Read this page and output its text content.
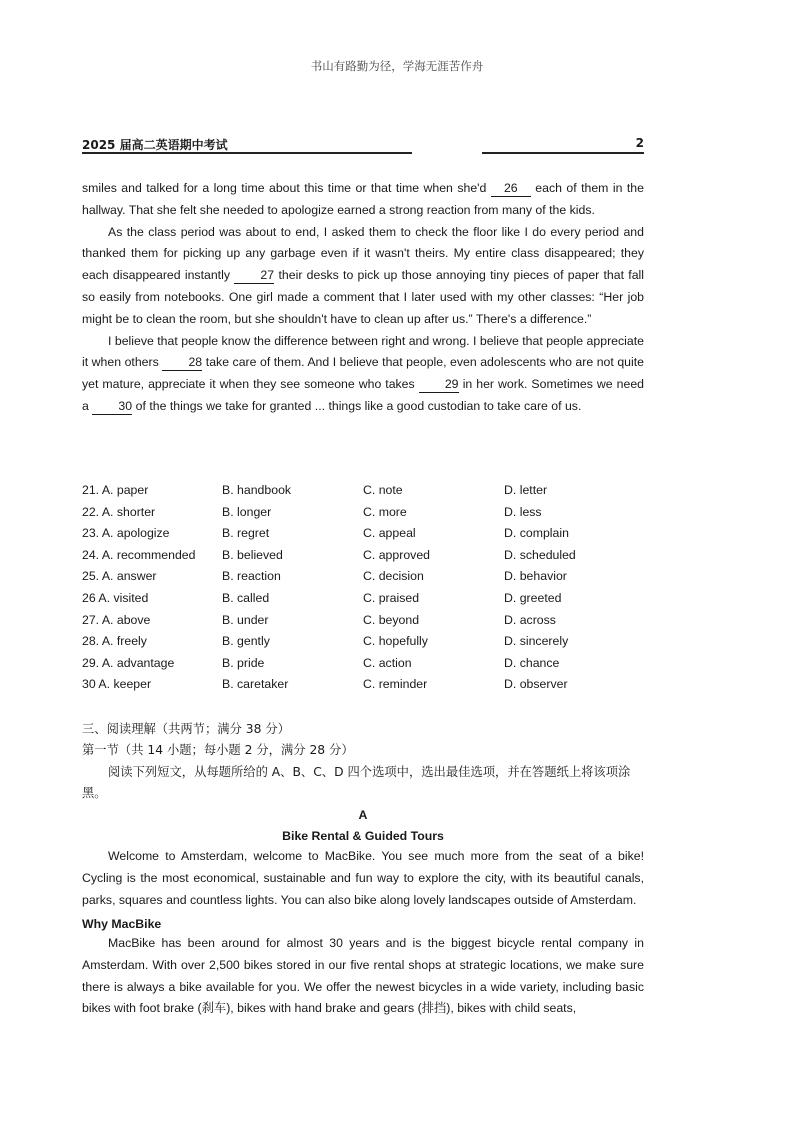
书山有路勤为径，学海无涯苦作舟
2025 届高二英语期中考试	2

smiles and talked for a long time about this time or that time when she'd 26 each of them in the hallway. That she felt she needed to apologize earned a strong reaction from many of the kids.

As the class period was about to end, I asked them to check the floor like I do every period and thanked them for picking up any garbage even if it wasn't theirs. My entire class disappeared; they each disappeared instantly 27 their desks to pick up those annoying tiny pieces of paper that fall so easily from notebooks. One girl made a comment that I later used with my other classes: “Her job might be to clean the room, but she shouldn't have to clean up after us.” There's a difference.”

I believe that people know the difference between right and wrong. I believe that people appreciate it when others 28 take care of them. And I believe that people, even adolescents who are not quite yet mature, appreciate it when they see someone who takes 29 in her work. Sometimes we need a 30 of the things we take for granted ... things like a good custodian to take care of us.

21. A. paper	B. handbook	C. note	D. letter
22. A. shorter	B. longer	C. more	D. less
23. A. apologize	B. regret	C. appeal	D. complain
24. A. recommended B. believed	C. approved	D. scheduled
25. A. answer	B. reaction	C. decision	D. behavior
26 A. visited	B. called	C. praised	D. greeted
27. A. above	B. under	C. beyond	D. across
28. A. freely	B. gently	C. hopefully	D. sincerely
29. A. advantage	B. pride	C. action	D. chance
30 A. keeper	B. caretaker	C. reminder	D. observer
三、阅读理解（共两节；满分 38 分）
第一节（共 14 小题；每小题 2 分，满分 28 分）
阅读下列短文，从每题所给的 A、B、C、D 四个选项中，选出最佳选项，并在答题纸上将该项涂黑。
A
Bike Rental & Guided Tours

Welcome to Amsterdam, welcome to MacBike. You see much more from the seat of a bike! Cycling is the most economical, sustainable and fun way to explore the city, with its beautiful canals, parks, squares and countless lights. You can also bike along lovely landscapes outside of Amsterdam.

Why MacBike

MacBike has been around for almost 30 years and is the biggest bicycle rental company in Amsterdam. With over 2,500 bikes stored in our five rental shops at strategic locations, we make sure there is always a bike available for you. We offer the newest bicycles in a wide variety, including basic bikes with foot brake (刹车), bikes with hand brake and gears (排挡), bikes with child seats,
